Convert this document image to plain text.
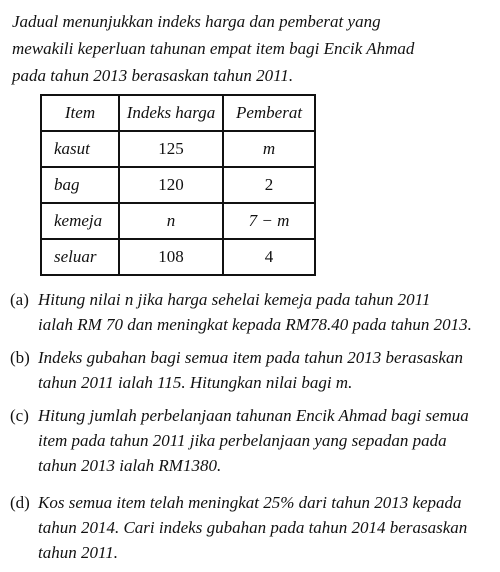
Jadual menunjukkan indeks harga dan pemberat yang
mewakili keperluan tahunan empat item bagi Encik Ahmad
pada tahun 2013 berasaskan tahun 2011.
Item	Indeks harga	Pemberat
kasut	125	m
bag	120	2
kemeja	n	7 − m
seluar	108	4
(a) Hitung nilai n jika harga sehelai kemeja pada tahun 2011
ialah RM 70 dan meningkat kepada RM78.40 pada tahun 2013.
(b) Indeks gubahan bagi semua item pada tahun 2013 berasaskan
tahun 2011 ialah 115. Hitungkan nilai bagi m.
(c) Hitung jumlah perbelanjaan tahunan Encik Ahmad bagi semua
item pada tahun 2011 jika perbelanjaan yang sepadan pada
tahun 2013 ialah RM1380.
(d) Kos semua item telah meningkat 25% dari tahun 2013 kepada
tahun 2014. Cari indeks gubahan pada tahun 2014 berasaskan
tahun 2011.
